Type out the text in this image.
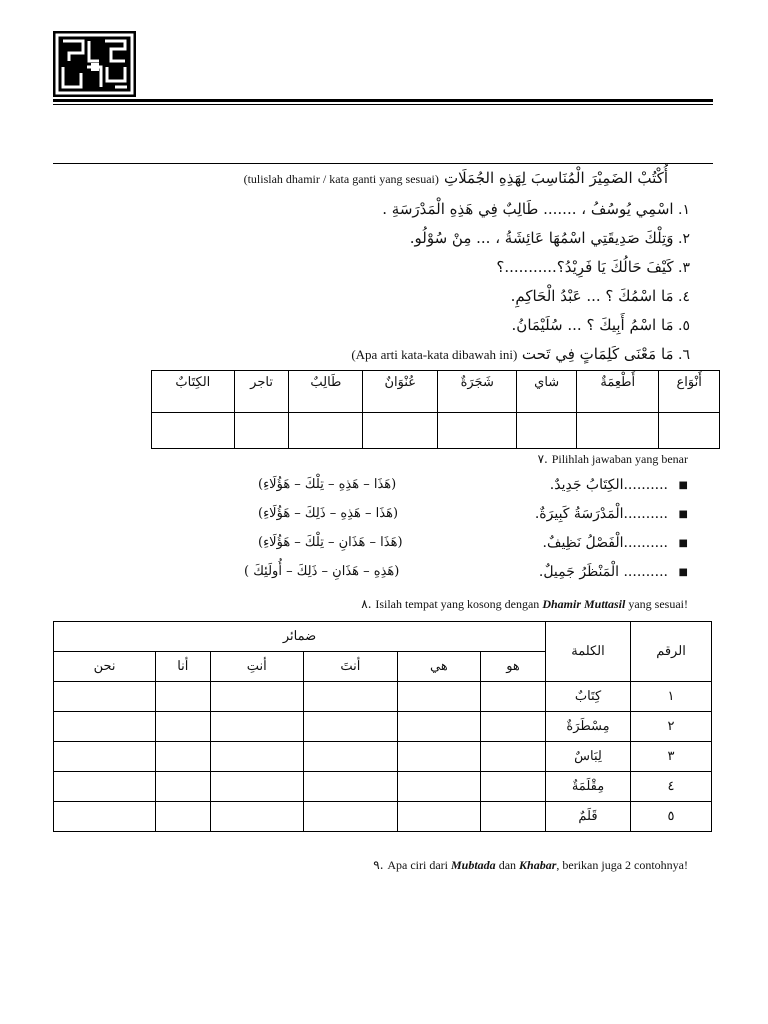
أُكْتُبْ الضَمِيْرَ الْمُنَاسِبَ لِهَذِهِ الجُمَلَاتِ (tulislah dhamir / kata ganti yang sesuai)
١. اسْمِي يُوسُفُ ، ....... طَالِبٌ فِي هَذِهِ الْمَدْرَسَةِ .
٢. وَتِلْكَ صَدِيقَتِي اسْمُهَا عَائِشَةُ ، ... مِنْ سُوْلُو.
٣. كَيْفَ حَالُكَ يَا فَرِيْدُ؟...........؟
٤. مَا اسْمُكَ ؟ ... عَبْدُ الْحَاكِمِ.
٥. مَا اسْمُ أَبِيكَ ؟ ... سُلَيْمَانُ.
٦. مَا مَعْنَى كَلِمَاتٍ فِي تَحت (Apa arti kata-kata dibawah ini)
أَنْوَاع	أَطْعِمَةٌ	شاي	شَجَرَةٌ	عُنْوَانٌ	طَالِبٌ	تاجر	الكِتَابٌ

٧. Pilihlah jawaban yang benar
■
..........الكِتَابُ جَدِيدٌ.
(هَذَا – هَذِهِ – تِلْكَ – هَؤُلَاءِ)
■
..........الْمَدْرَسَةُ كَبِيرَةٌ.
(هَذَا – هَذِهِ – ذَلِكَ – هَؤُلَاءِ)
■
..........الْفَصْلُ نَظِيفٌ.
(هَذَا – هَذَانِ – تِلْكَ – هَؤُلَاءِ)
■
.......... الْمَنْظَرُ جَمِيلٌ.
(هَذِهِ – هَذَانِ – ذَلِكَ – أُولَئِكَ )
٨. Isilah tempat yang kosong dengan Dhamir Muttasil yang sesuai!
الرقم	الكلمة	ضمائر					
		هو	هي	أنتَ	أنتِ	أنا	نحن
١	كِتَابٌ						
٢	مِسْطَرَةٌ						
٣	لِبَاسٌ						
٤	مِقْلَمَةٌ						
٥	قَلَمٌ						
٩. Apa ciri dari Mubtada dan Khabar, berikan juga 2 contohnya!
